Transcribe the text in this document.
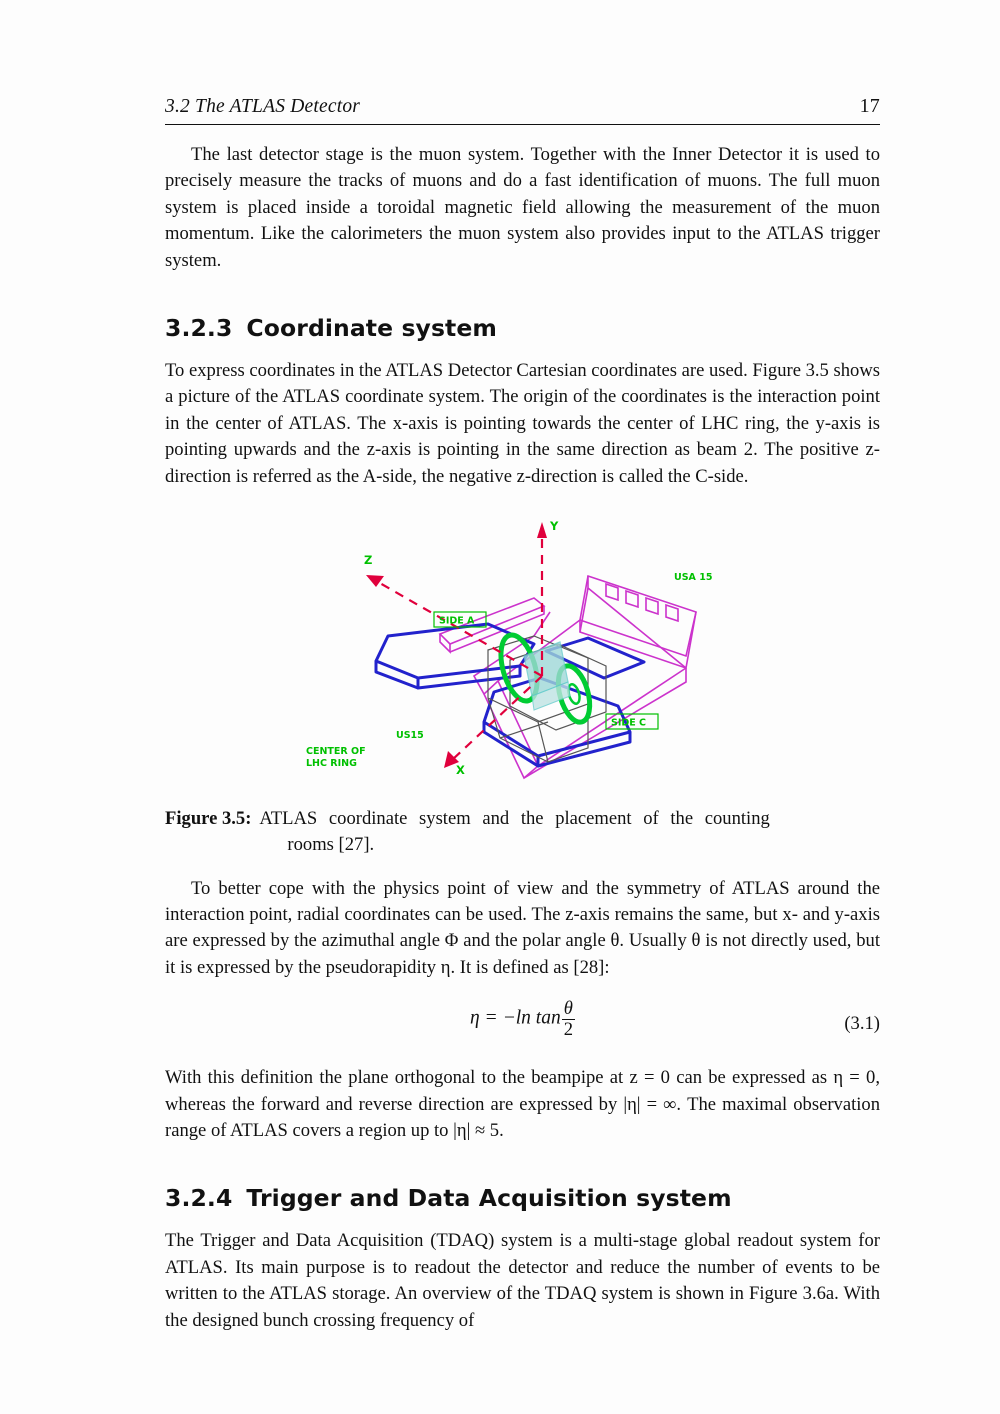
3.2 The ATLAS Detector	17

The last detector stage is the muon system. Together with the Inner Detector it is used to precisely measure the tracks of muons and do a fast identification of muons. The full muon system is placed inside a toroidal magnetic field allowing the measurement of the muon momentum. Like the calorimeters the muon system also provides input to the ATLAS trigger system.

3.2.3 Coordinate system

To express coordinates in the ATLAS Detector Cartesian coordinates are used. Figure 3.5 shows a picture of the ATLAS coordinate system. The origin of the coordinates is the interaction point in the center of ATLAS. The x-axis is pointing towards the center of LHC ring, the y-axis is pointing upwards and the z-axis is pointing in the same direction as beam 2. The positive z-direction is referred as the A-side, the negative z-direction is called the C-side.

Y
Z
X
CENTER OF
LHC RING
US15
USA 15
SIDE A
SIDE C
Figure 3.5: ATLAS coordinate system and the placement of the counting
rooms [27].

To better cope with the physics point of view and the symmetry of ATLAS around the interaction point, radial coordinates can be used. The z-axis remains the same, but x- and y-axis are expressed by the azimuthal angle Φ and the polar angle θ. Usually θ is not directly used, but it is expressed by the pseudorapidity η. It is defined as [28]:

η = −ln $\tan \frac{\theta}{2}$	(3.1)

With this definition the plane orthogonal to the beampipe at z = 0 can be expressed as η = 0, whereas the forward and reverse direction are expressed by |η| = ∞. The maximal observation range of ATLAS covers a region up to |η| ≈ 5.

3.2.4 Trigger and Data Acquisition system

The Trigger and Data Acquisition (TDAQ) system is a multi-stage global readout system for ATLAS. Its main purpose is to readout the detector and reduce the number of events to be written to the ATLAS storage. An overview of the TDAQ system is shown in Figure 3.6a. With the designed bunch crossing frequency of
